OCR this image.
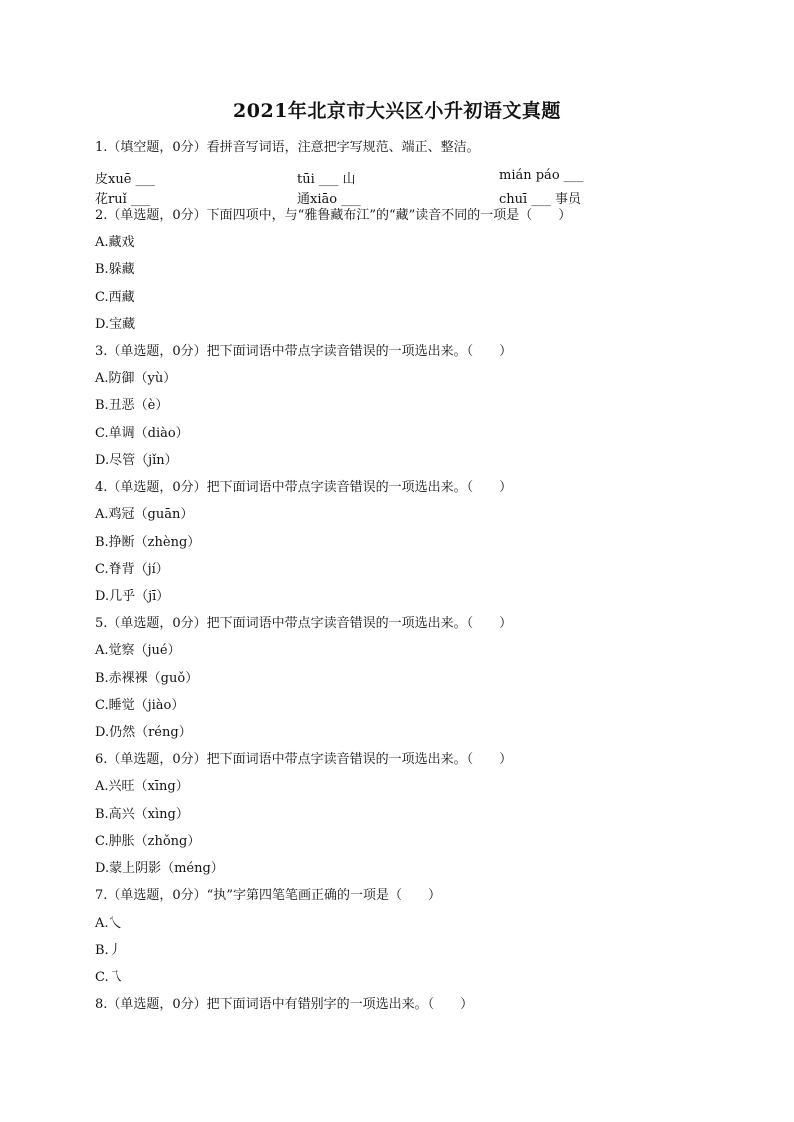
2021年北京市大兴区小升初语文真题
1.（填空题，0分）看拼音写词语，注意把字写规范、端正、整洁。
皮xuē ___	tūi ___ 山	mián páo ___
花ruǐ ___	通xiāo ___	chuī ___ 事员
2.（单选题，0分）下面四项中，与“雅鲁藏布江”的“藏”读音不同的一项是（　　）
A.藏戏
B.躲藏
C.西藏
D.宝藏
3.（单选题，0分）把下面词语中带点字读音错误的一项选出来。（　　）
A.防御（yù）
B.丑恶（è）
C.单调（diào）
D.尽管（jǐn）
4.（单选题，0分）把下面词语中带点字读音错误的一项选出来。（　　）
A.鸡冠（guān）
B.挣断（zhèng）
C.脊背（jí）
D.几乎（jī）
5.（单选题，0分）把下面词语中带点字读音错误的一项选出来。（　　）
A.觉察（jué）
B.赤裸裸（guǒ）
C.睡觉（jiào）
D.仍然（réng）
6.（单选题，0分）把下面词语中带点字读音错误的一项选出来。（　　）
A.兴旺（xīng）
B.高兴（xìng）
C.肿胀（zhǒng）
D.蒙上阴影（méng）
7.（单选题，0分）“执”字第四笔笔画正确的一项是（　　）
A.乀
B.丿
C.乁
8.（单选题，0分）把下面词语中有错别字的一项选出来。（　　）
